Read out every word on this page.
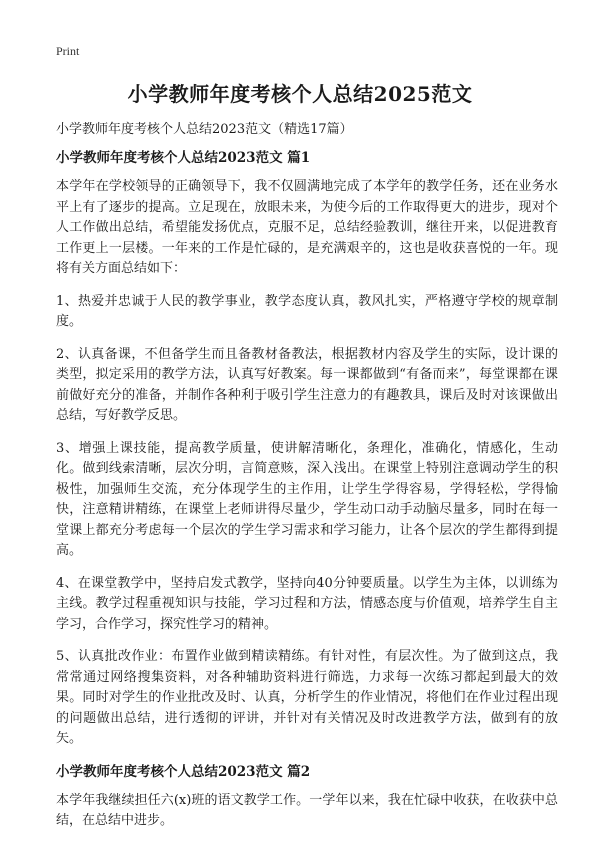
Print
小学教师年度考核个人总结2025范文
小学教师年度考核个人总结2023范文（精选17篇）
小学教师年度考核个人总结2023范文 篇1

本学年在学校领导的正确领导下，我不仅圆满地完成了本学年的教学任务，还在业务水平上有了逐步的提高。立足现在，放眼未来，为使今后的工作取得更大的进步，现对个人工作做出总结，希望能发扬优点，克服不足，总结经验教训，继往开来，以促进教育工作更上一层楼。一年来的工作是忙碌的，是充满艰辛的，这也是收获喜悦的一年。现将有关方面总结如下：

1、热爱并忠诚于人民的教学事业，教学态度认真，教风扎实，严格遵守学校的规章制度。

2、认真备课，不但备学生而且备教材备教法，根据教材内容及学生的实际，设计课的类型，拟定采用的教学方法，认真写好教案。每一课都做到“有备而来”，每堂课都在课前做好充分的准备，并制作各种利于吸引学生注意力的有趣教具，课后及时对该课做出总结，写好教学反思。

3、增强上课技能，提高教学质量，使讲解清晰化，条理化，准确化，情感化，生动化。做到线索清晰，层次分明，言简意赅，深入浅出。在课堂上特别注意调动学生的积极性，加强师生交流，充分体现学生的主作用，让学生学得容易，学得轻松，学得愉快，注意精讲精练，在课堂上老师讲得尽量少，学生动口动手动脑尽量多，同时在每一堂课上都充分考虑每一个层次的学生学习需求和学习能力，让各个层次的学生都得到提高。

4、在课堂教学中，坚持启发式教学，坚持向40分钟要质量。以学生为主体，以训练为主线。教学过程重视知识与技能，学习过程和方法，情感态度与价值观，培养学生自主学习，合作学习，探究性学习的精神。

5、认真批改作业：布置作业做到精读精练。有针对性，有层次性。为了做到这点，我常常通过网络搜集资料，对各种辅助资料进行筛选，力求每一次练习都起到最大的效果。同时对学生的作业批改及时、认真，分析学生的作业情况，将他们在作业过程出现的问题做出总结，进行透彻的评讲，并针对有关情况及时改进教学方法，做到有的放矢。

小学教师年度考核个人总结2023范文 篇2

本学年我继续担任六(x)班的语文教学工作。一学年以来，我在忙碌中收获，在收获中总结，在总结中进步。
